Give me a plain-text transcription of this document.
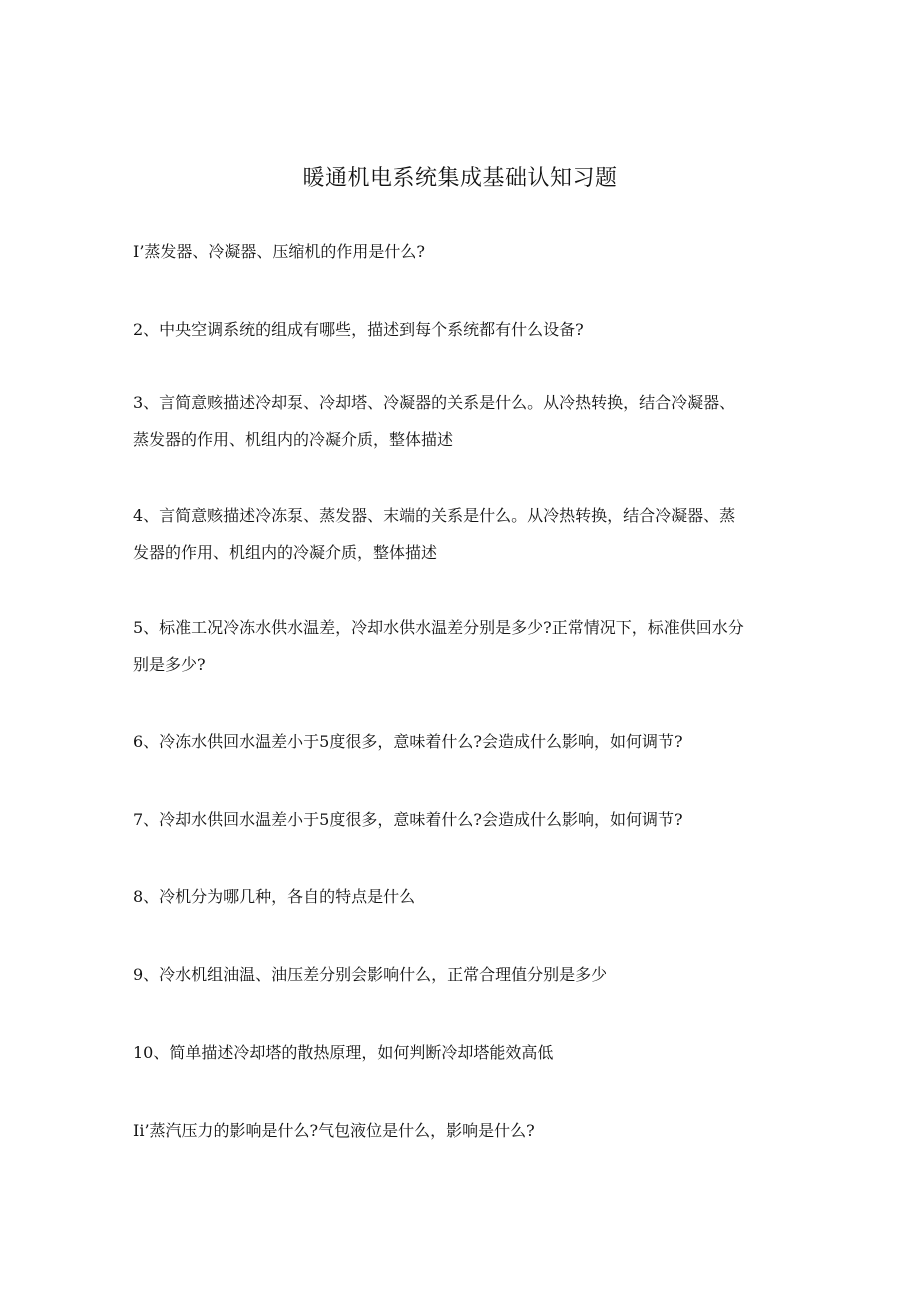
暖通机电系统集成基础认知习题

I’蒸发器、冷凝器、压缩机的作用是什么?

2、中央空调系统的组成有哪些，描述到每个系统都有什么设备?

3、言简意赅描述冷却泵、冷却塔、冷凝器的关系是什么。从冷热转换，结合冷凝器、
蒸发器的作用、机组内的冷凝介质，整体描述

4、言简意赅描述冷冻泵、蒸发器、末端的关系是什么。从冷热转换，结合冷凝器、蒸
发器的作用、机组内的冷凝介质，整体描述

5、标准工况冷冻水供水温差，冷却水供水温差分别是多少?正常情况下，标准供回水分
别是多少?

6、冷冻水供回水温差小于5度很多，意味着什么?会造成什么影响，如何调节?

7、冷却水供回水温差小于5度很多，意味着什么?会造成什么影响，如何调节?

8、冷机分为哪几种，各自的特点是什么

9、冷水机组油温、油压差分别会影响什么，正常合理值分别是多少

10、简单描述冷却塔的散热原理，如何判断冷却塔能效高低

Ii’蒸汽压力的影响是什么?气包液位是什么，影响是什么?
